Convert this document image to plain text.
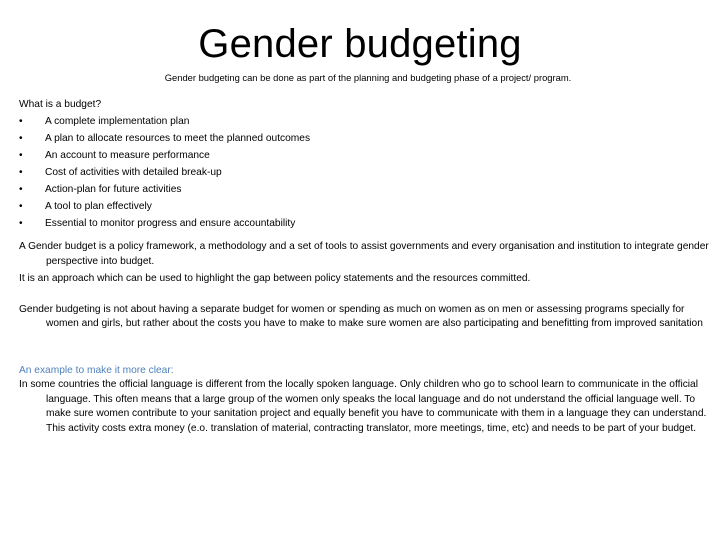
Gender budgeting
Gender budgeting can be done as part of the planning and budgeting phase of a project/ program.

What is a budget?

•	A complete implementation plan
•	A plan to allocate resources to meet the planned outcomes
•	An account to measure performance
•	Cost of activities with detailed break-up
•	Action-plan for future activities
•	A tool to plan effectively
•	Essential to monitor progress and ensure accountability

A Gender budget is a policy framework, a methodology and a set of tools to assist governments and every organisation and institution to integrate gender perspective into budget.

It is an approach which can be used to highlight the gap between policy statements and the resources committed.

Gender budgeting is not about having a separate budget for women or spending as much on women as on men or assessing programs specially for women and girls, but rather about the costs you have to make to make sure women are also participating and benefitting from improved sanitation

An example to make it more clear:

In some countries the official language is different from the locally spoken language. Only children who go to school learn to communicate in the official language. This often means that a large group of the women only speaks the local language and do not understand the official language well. To make sure women contribute to your sanitation project and equally benefit you have to communicate with them in a language they can understand. This activity costs extra money (e.o. translation of material, contracting translator, more meetings, time, etc) and needs to be part of your budget.
